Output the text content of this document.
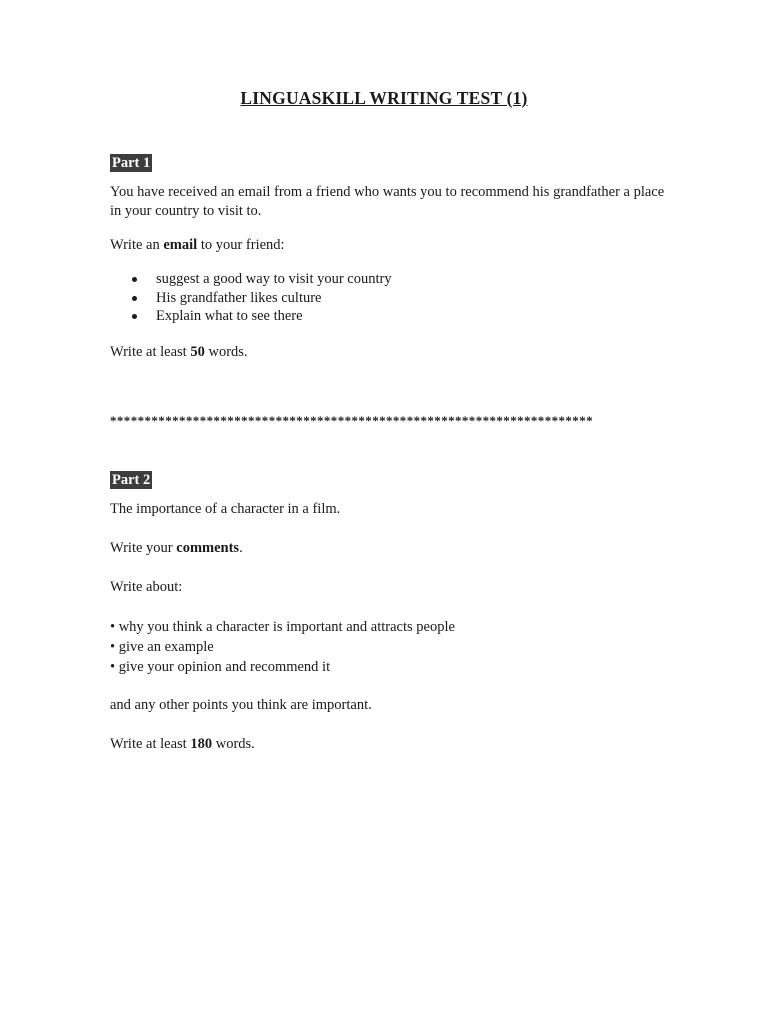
LINGUASKILL WRITING TEST (1)
Part 1

You have received an email from a friend who wants you to recommend his grandfather a place in your country to visit to.

Write an email to your friend:

suggest a good way to visit your country
His grandfather likes culture
Explain what to see there

Write at least 50 words.

**********************************************************************
Part 2

The importance of a character in a film.

Write your comments.

Write about:

• why you think a character is important and attracts people
• give an example
• give your opinion and recommend it

and any other points you think are important.

Write at least 180 words.
